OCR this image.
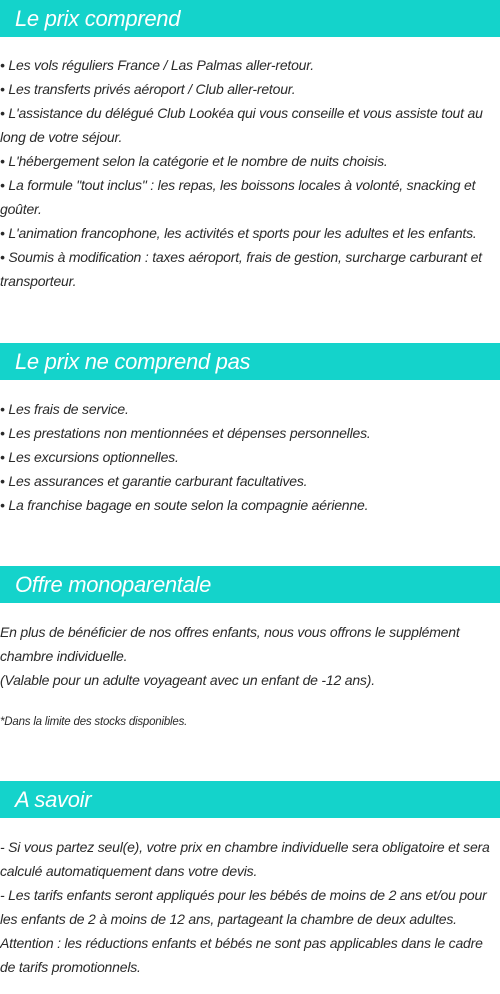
Le prix comprend

• Les vols réguliers France / Las Palmas aller-retour.

• Les transferts privés aéroport / Club aller-retour.

• L'assistance du délégué Club Lookéa qui vous conseille et vous assiste tout au long de votre séjour.

• L'hébergement selon la catégorie et le nombre de nuits choisis.

• La formule "tout inclus" : les repas, les boissons locales à volonté, snacking et goûter.

• L'animation francophone, les activités et sports pour les adultes et les enfants.

• Soumis à modification : taxes aéroport, frais de gestion, surcharge carburant et transporteur.

Le prix ne comprend pas

• Les frais de service.

• Les prestations non mentionnées et dépenses personnelles.

• Les excursions optionnelles.

• Les assurances et garantie carburant facultatives.

• La franchise bagage en soute selon la compagnie aérienne.

Offre monoparentale

En plus de bénéficier de nos offres enfants, nous vous offrons le supplément chambre individuelle.

(Valable pour un adulte voyageant avec un enfant de -12 ans).

*Dans la limite des stocks disponibles.
A savoir

- Si vous partez seul(e), votre prix en chambre individuelle sera obligatoire et sera calculé automatiquement dans votre devis.

- Les tarifs enfants seront appliqués pour les bébés de moins de 2 ans et/ou pour les enfants de 2 à moins de 12 ans, partageant la chambre de deux adultes.

Attention : les réductions enfants et bébés ne sont pas applicables dans le cadre de tarifs promotionnels.
